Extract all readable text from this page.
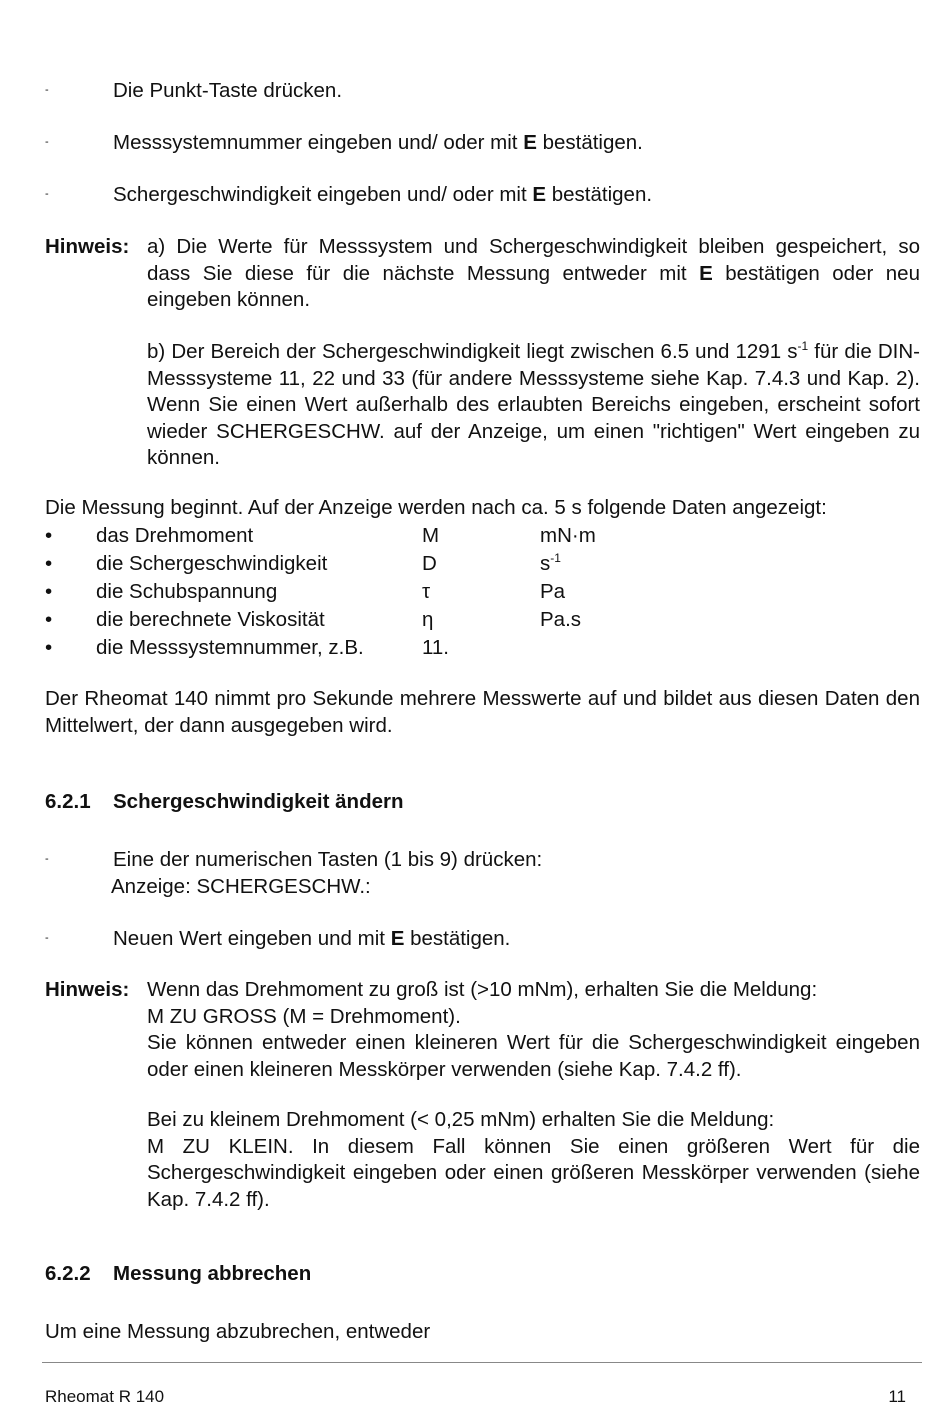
-	Die Punkt-Taste drücken.
-	Messsystemnummer eingeben und/ oder mit E bestätigen.
-	Schergeschwindigkeit eingeben und/ oder mit E bestätigen.
Hinweis: a) Die Werte für Messsystem und Schergeschwindigkeit bleiben gespeichert, so dass Sie diese für die nächste Messung entweder mit E bestätigen oder neu eingeben können.

b) Der Bereich der Schergeschwindigkeit liegt zwischen 6.5 und 1291 $s^{-1}$ für die DIN-Messsysteme 11, 22 und 33 (für andere Messsysteme siehe Kap. 7.4.3 und Kap. 2). Wenn Sie einen Wert außerhalb des erlaubten Bereichs eingeben, erscheint sofort wieder SCHERGESCHW. auf der Anzeige, um einen "richtigen" Wert eingeben zu können.

Die Messung beginnt. Auf der Anzeige werden nach ca. 5 s folgende Daten angezeigt:
• das Drehmoment	M	mN·m
• die Schergeschwindigkeit	D	$s^{-1}$
• die Schubspannung	τ	Pa
• die berechnete Viskosität	η	Pa.s
• die Messsystemnummer, z.B.	11.
Der Rheomat 140 nimmt pro Sekunde mehrere Messwerte auf und bildet aus diesen Daten den Mittelwert, der dann ausgegeben wird.
6.2.1 Schergeschwindigkeit ändern
-	Eine der numerischen Tasten (1 bis 9) drücken:
Anzeige: SCHERGESCHW.:
-	Neuen Wert eingeben und mit E bestätigen.
Hinweis: Wenn das Drehmoment zu groß ist (>10 mNm), erhalten Sie die Meldung:

M ZU GROSS (M = Drehmoment).

Sie können entweder einen kleineren Wert für die Schergeschwindigkeit eingeben oder einen kleineren Messkörper verwenden (siehe Kap. 7.4.2 ff).

Bei zu kleinem Drehmoment (< 0,25 mNm) erhalten Sie die Meldung:

M ZU KLEIN. In diesem Fall können Sie einen größeren Wert für die Schergeschwindigkeit eingeben oder einen größeren Messkörper verwenden (siehe Kap. 7.4.2 ff).

6.2.2 Messung abbrechen
Um eine Messung abzubrechen, entweder
Rheomat R 140	11
